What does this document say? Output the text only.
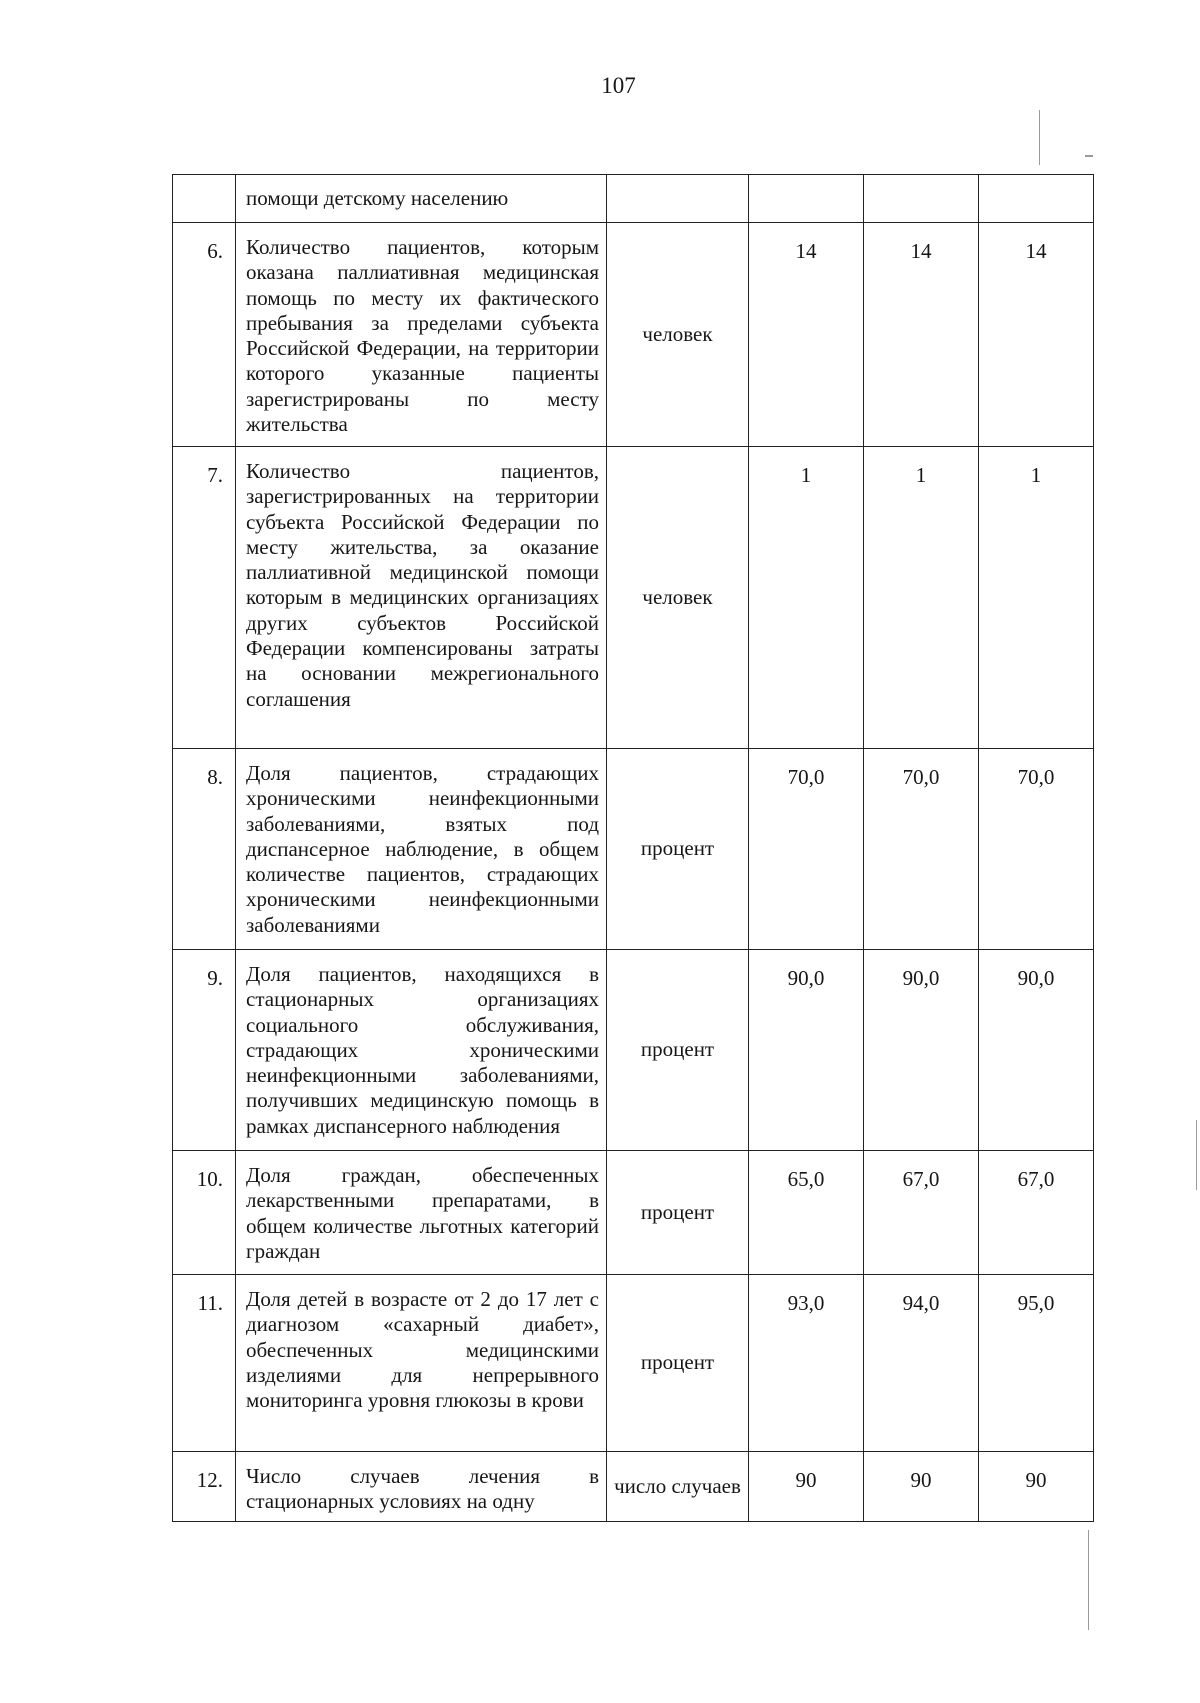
107
	помощи детскому населению				
6.	Количество пациентов, которым оказана паллиативная медицинская помощь по месту их фактического пребывания за пределами субъекта Российской Федерации, на территории которого указанные пациенты зарегистрированы по месту жительства	человек	14	14	14
7.	Количество пациентов, зарегистрированных на территории субъекта Российской Федерации по месту жительства, за оказание паллиативной медицинской помощи которым в медицинских организациях других субъектов Российской Федерации компенсированы затраты на основании межрегионального соглашения	человек	1	1	1
8.	Доля пациентов, страдающих хроническими неинфекционными заболеваниями, взятых под диспансерное наблюдение, в общем количестве пациентов, страдающих хроническими неинфекционными заболеваниями	процент	70,0	70,0	70,0
9.	Доля пациентов, находящихся в стационарных организациях социального обслуживания, страдающих хроническими неинфекционными заболеваниями, получивших медицинскую помощь в рамках диспансерного наблюдения	процент	90,0	90,0	90,0
10.	Доля граждан, обеспеченных лекарственными препаратами, в общем количестве льготных категорий граждан	процент	65,0	67,0	67,0
11.	Доля детей в возрасте от 2 до 17 лет с диагнозом «сахарный диабет», обеспеченных медицинскими изделиями для непрерывного мониторинга уровня глюкозы в крови	процент	93,0	94,0	95,0
12.	Число случаев лечения в стационарных условиях на одну	число случаев	90	90	90
